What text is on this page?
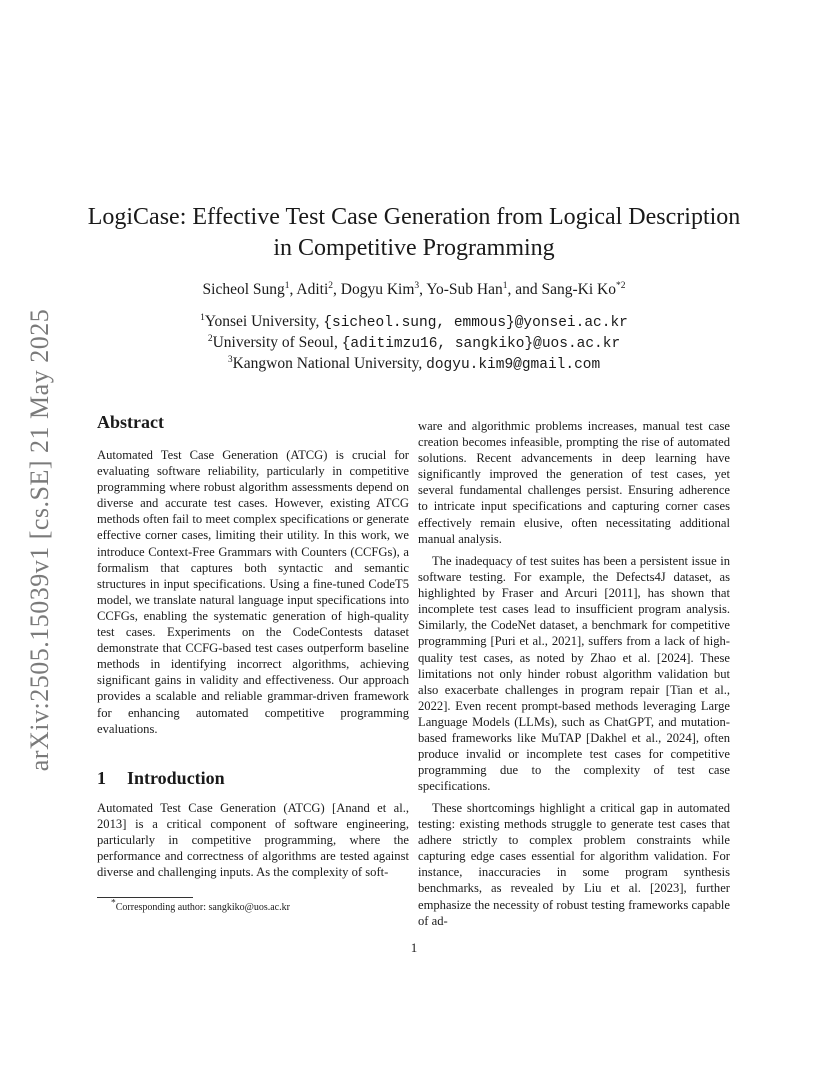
arXiv:2505.15039v1 [cs.SE] 21 May 2025
LogiCase: Effective Test Case Generation from Logical Description
in Competitive Programming
Sicheol Sung$^1$, Aditi$^2$, Dogyu Kim$^3$, Yo-Sub Han$^1$, and Sang-Ki Ko$^{*2}$
$^1$Yonsei University, {sicheol.sung, emmous}@yonsei.ac.kr
$^2$University of Seoul, {aditimzu16, sangkiko}@uos.ac.kr
$^3$Kangwon National University, dogyu.kim9@gmail.com
Abstract

Automated Test Case Generation (ATCG) is crucial for evaluating software reliability, particularly in competitive programming where robust algorithm assessments depend on diverse and accurate test cases. However, existing ATCG methods often fail to meet complex specifications or generate effective corner cases, limiting their utility. In this work, we introduce Context-Free Grammars with Counters (CCFGs), a formalism that captures both syntactic and semantic structures in input specifications. Using a fine-tuned CodeT5 model, we translate natural language input specifications into CCFGs, enabling the systematic generation of high-quality test cases. Experiments on the CodeContests dataset demonstrate that CCFG-based test cases outperform baseline methods in identifying incorrect algorithms, achieving significant gains in validity and effectiveness. Our approach provides a scalable and reliable grammar-driven framework for enhancing automated competitive programming evaluations.

1 Introduction

Automated Test Case Generation (ATCG) [Anand et al., 2013] is a critical component of software engineering, particularly in competitive programming, where the performance and correctness of algorithms are tested against diverse and challenging inputs. As the complexity of soft-

ware and algorithmic problems increases, manual test case creation becomes infeasible, prompting the rise of automated solutions. Recent advancements in deep learning have significantly improved the generation of test cases, yet several fundamental challenges persist. Ensuring adherence to intricate input specifications and capturing corner cases effectively remain elusive, often necessitating additional manual analysis.

The inadequacy of test suites has been a persistent issue in software testing. For example, the Defects4J dataset, as highlighted by Fraser and Arcuri [2011], has shown that incomplete test cases lead to insufficient program analysis. Similarly, the CodeNet dataset, a benchmark for competitive programming [Puri et al., 2021], suffers from a lack of high-quality test cases, as noted by Zhao et al. [2024]. These limitations not only hinder robust algorithm validation but also exacerbate challenges in program repair [Tian et al., 2022]. Even recent prompt-based methods leveraging Large Language Models (LLMs), such as ChatGPT, and mutation-based frameworks like MuTAP [Dakhel et al., 2024], often produce invalid or incomplete test cases for competitive programming due to the complexity of test case specifications.

These shortcomings highlight a critical gap in automated testing: existing methods struggle to generate test cases that adhere strictly to complex problem constraints while capturing edge cases essential for algorithm validation. For instance, inaccuracies in some program synthesis benchmarks, as revealed by Liu et al. [2023], further emphasize the necessity of robust testing frameworks capable of ad-

*Corresponding author: sangkiko@uos.ac.kr
1
